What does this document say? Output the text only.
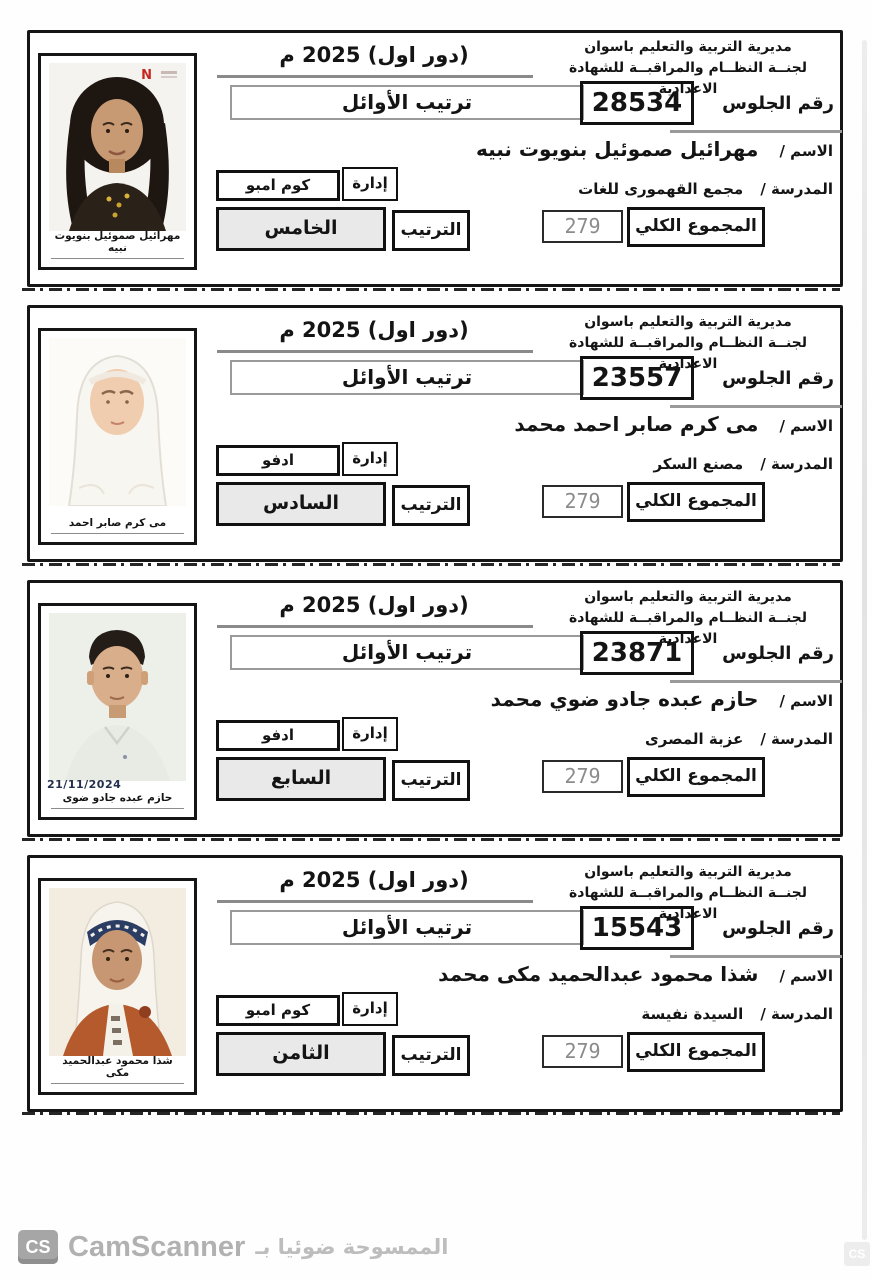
مديرية التربية والتعليم باسوان
لجنــة النظــام والمراقبــة للشهادة الاعدادية
(دور اول) 2025 م
ترتيب الأوائل	رقم الجلوس
28534
الاسم / مهرائيل صموئيل بنويوت نبيه
المدرسة / مجمع القهمورى للغات
إدارة
كوم امبو
المجموع الكلي
279
الترتيب
الخامس
N
مهرائيل صموئيل بنويوت نبيه
مديرية التربية والتعليم باسوان
لجنــة النظــام والمراقبــة للشهادة الاعدادية
(دور اول) 2025 م
ترتيب الأوائل	رقم الجلوس
23557
الاسم / مى كرم صابر احمد محمد
المدرسة / مصنع السكر
إدارة
ادفو
المجموع الكلي
279
الترتيب
السادس
مى كرم صابر احمد
مديرية التربية والتعليم باسوان
لجنــة النظــام والمراقبــة للشهادة الاعدادية
(دور اول) 2025 م
ترتيب الأوائل	رقم الجلوس
23871
الاسم / حازم عبده جادو ضوي محمد
المدرسة / عزبة المصرى
إدارة
ادفو
المجموع الكلي
279
الترتيب
السابع
21/11/2024
حازم عبده جادو ضوى
مديرية التربية والتعليم باسوان
لجنــة النظــام والمراقبــة للشهادة الاعدادية
(دور اول) 2025 م
ترتيب الأوائل	رقم الجلوس
15543
الاسم / شذا محمود عبدالحميد مكى محمد
المدرسة / السيدة نفيسة
إدارة
كوم امبو
المجموع الكلي
279
الترتيب
الثامن
شذا محمود عبدالحميد مكى
CS CamScanner الممسوحة ضوئيا بـ	CS
